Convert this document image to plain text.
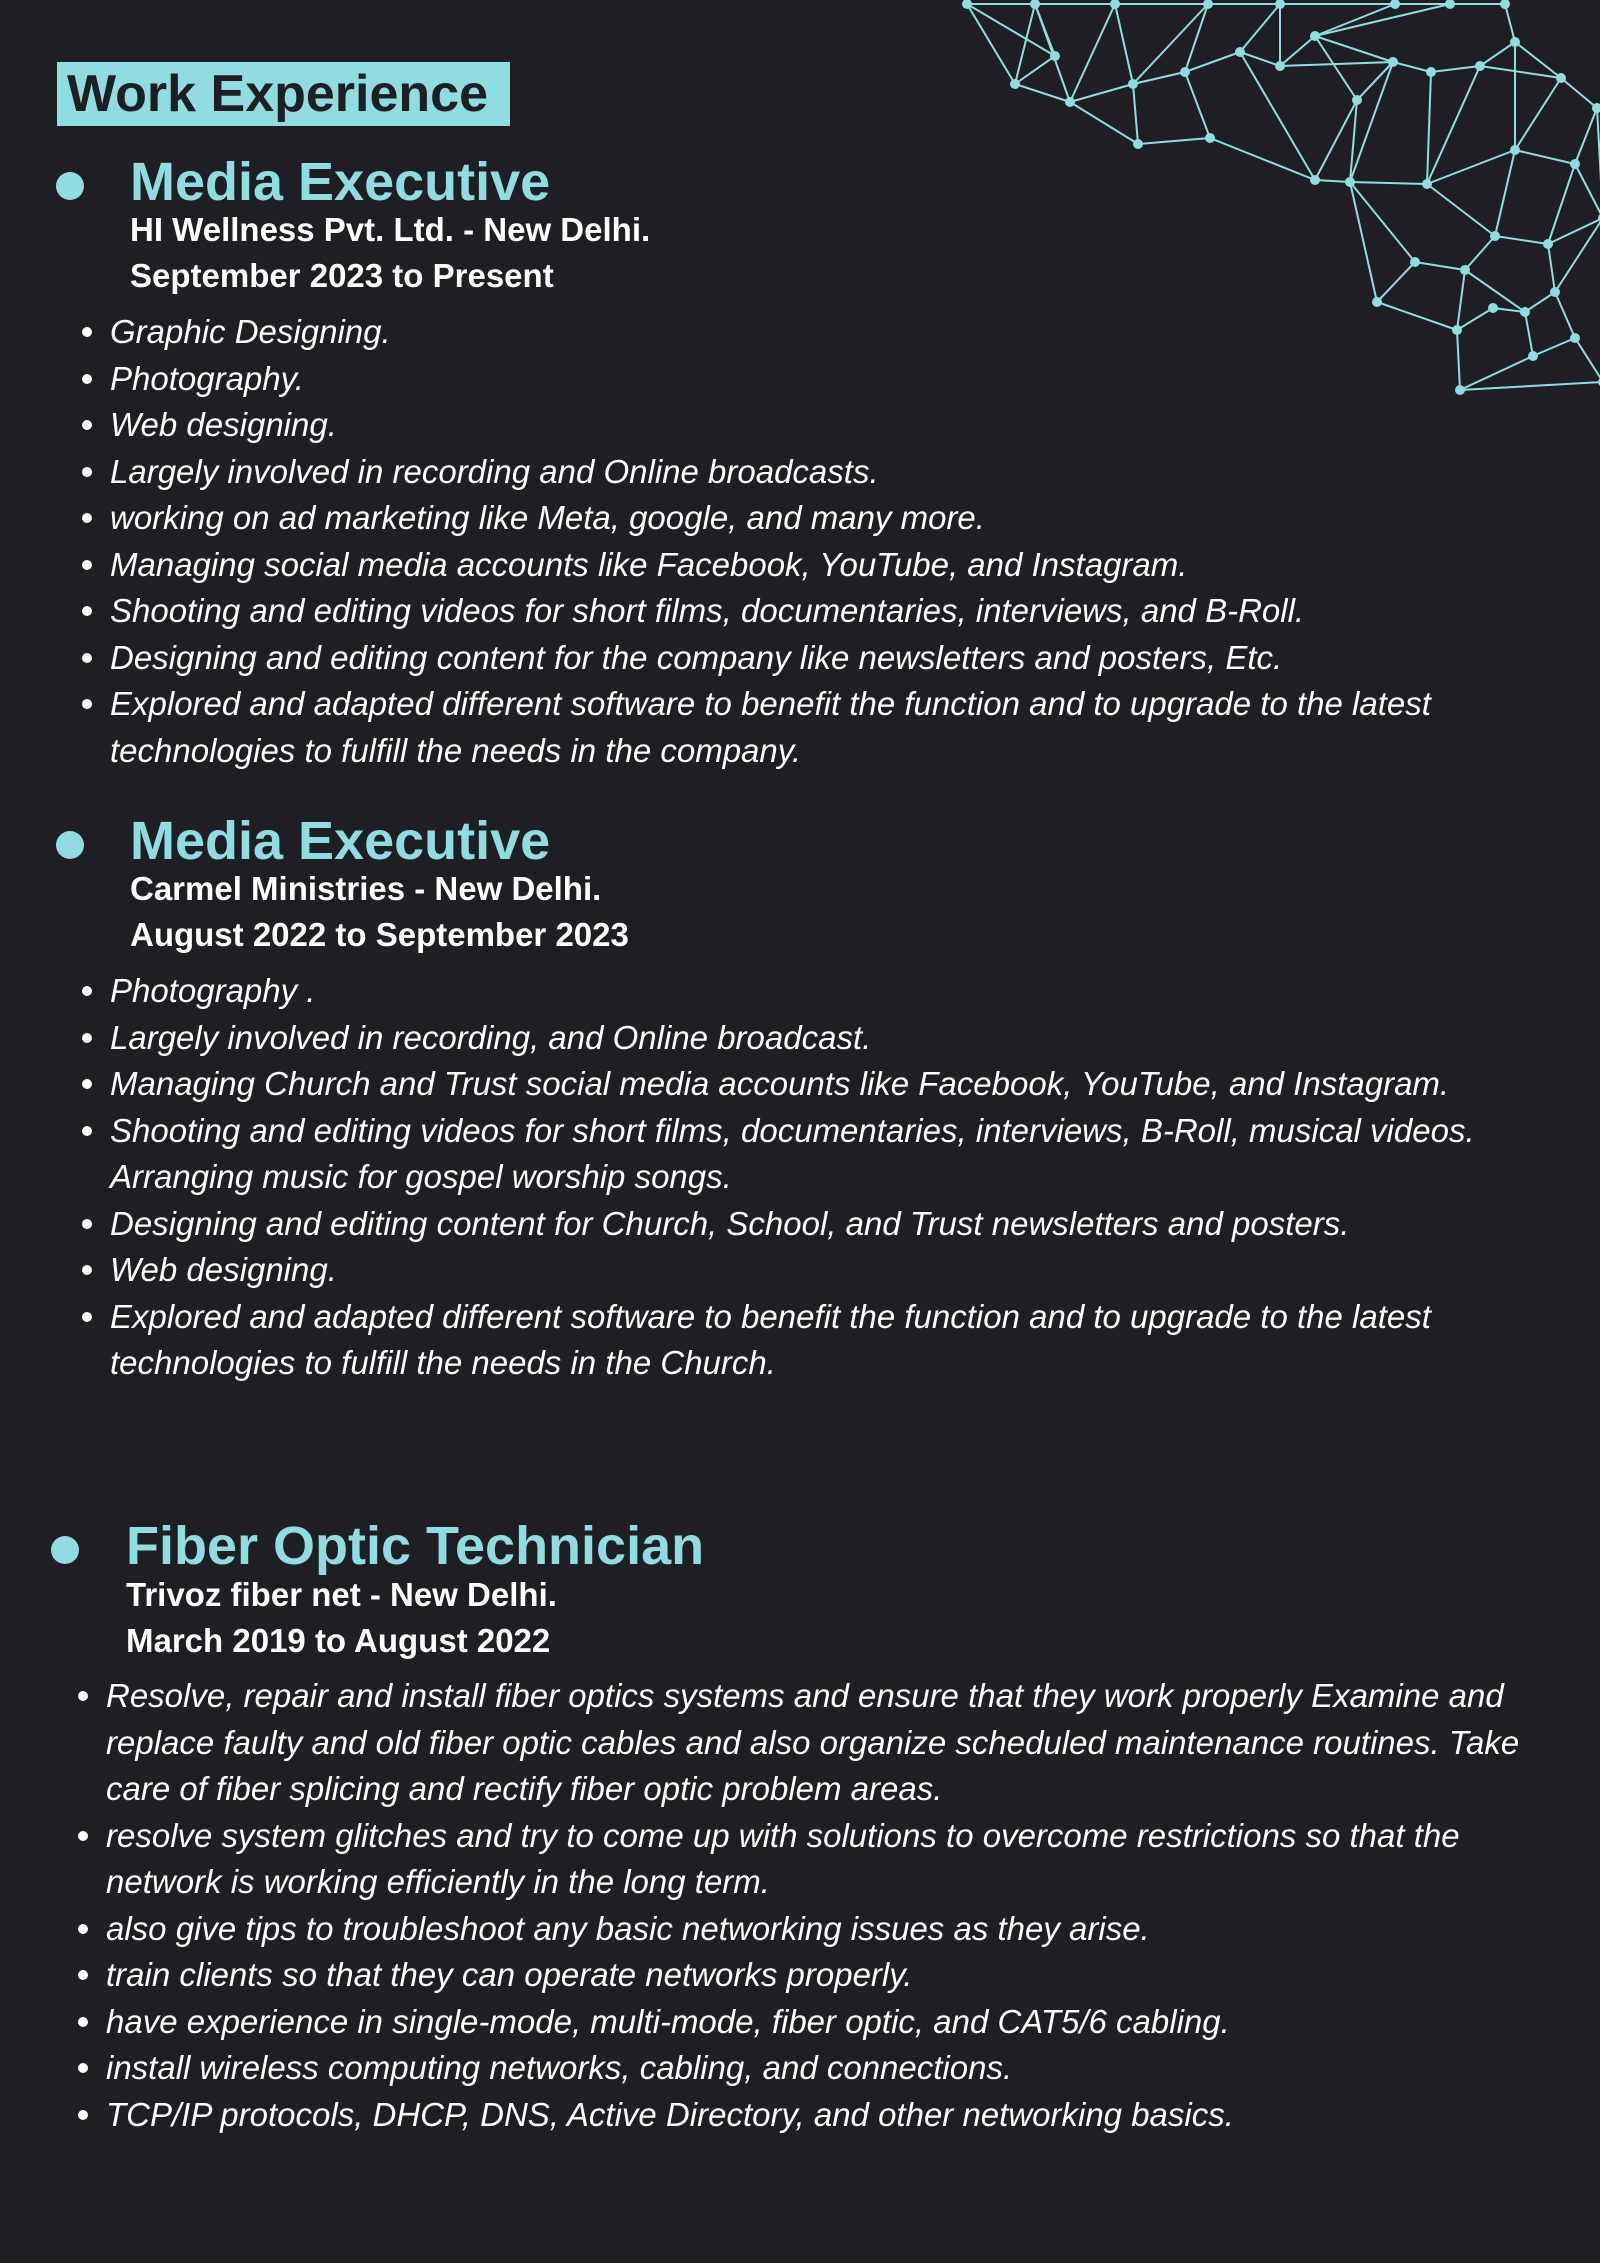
Work Experience
Media Executive
HI Wellness Pvt. Ltd. - New Delhi.
September 2023 to Present
Graphic Designing.
Photography.
Web designing.
Largely involved in recording and Online broadcasts.
working on ad marketing like Meta, google, and many more.
Managing social media accounts like Facebook, YouTube, and Instagram.
Shooting and editing videos for short films, documentaries, interviews, and B-Roll.
Designing and editing content for the company like newsletters and posters, Etc.
Explored and adapted different software to benefit the function and to upgrade to the latest technologies to fulfill the needs in the company.
Media Executive
Carmel Ministries - New Delhi.
August 2022 to September 2023
Photography .
Largely involved in recording, and Online broadcast.
Managing Church and Trust social media accounts like Facebook, YouTube, and Instagram.
Shooting and editing videos for short films, documentaries, interviews, B-Roll, musical videos. Arranging music for gospel worship songs.
Designing and editing content for Church, School, and Trust newsletters and posters.
Web designing.
Explored and adapted different software to benefit the function and to upgrade to the latest technologies to fulfill the needs in the Church.
Fiber Optic Technician
Trivoz fiber net - New Delhi.
March 2019 to August 2022
Resolve, repair and install fiber optics systems and ensure that they work properly Examine and replace faulty and old fiber optic cables and also organize scheduled maintenance routines. Take care of fiber splicing and rectify fiber optic problem areas.
resolve system glitches and try to come up with solutions to overcome restrictions so that the network is working efficiently in the long term.
also give tips to troubleshoot any basic networking issues as they arise.
train clients so that they can operate networks properly.
have experience in single-mode, multi-mode, fiber optic, and CAT5/6 cabling.
install wireless computing networks, cabling, and connections.
TCP/IP protocols, DHCP, DNS, Active Directory, and other networking basics.
